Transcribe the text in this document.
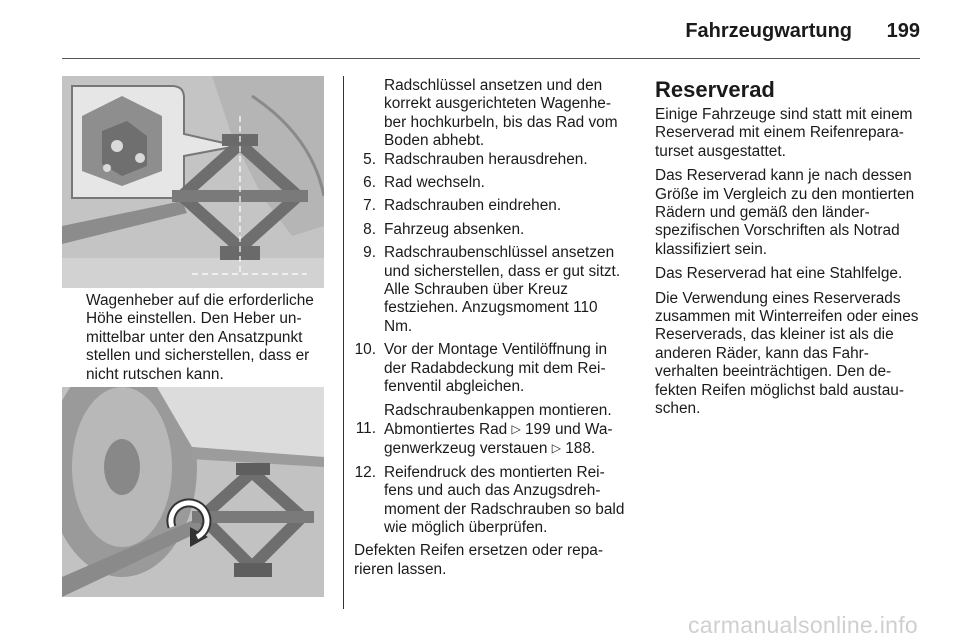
Fahrzeugwartung 199

Wagenheber auf die erforderliche Höhe einstellen. Den Heber unmittelbar unter den Ansatzpunkt stellen und sicherstellen, dass er nicht rutschen kann.

Radschlüssel ansetzen und den korrekt ausgerichteten Wagenheber hochkurbeln, bis das Rad vom Boden abhebt.

5. Radschrauben herausdrehen.
6. Rad wechseln.
7. Radschrauben eindrehen.
8. Fahrzeug absenken.
9. Radschraubenschlüssel ansetzen und sicherstellen, dass er gut sitzt. Alle Schrauben über Kreuz festziehen. Anzugsmoment 110 Nm.
10. Vor der Montage Ventilöffnung in der Radabdeckung mit dem Reifenventil abgleichen.

Radschraubenkappen montieren.

11. Abmontiertes Rad ▷ 199 und Wagenwerkzeug verstauen ▷ 188.
12. Reifendruck des montierten Reifens und auch das Anzugsdrehmoment der Radschrauben so bald wie möglich überprüfen.

Defekten Reifen ersetzen oder reparieren lassen.

Reserverad

Einige Fahrzeuge sind statt mit einem Reserverad mit einem Reifenreparaturset ausgestattet.

Das Reserverad kann je nach dessen Größe im Vergleich zu den montierten Rädern und gemäß den länderspezifischen Vorschriften als Notrad klassifiziert sein.

Das Reserverad hat eine Stahlfelge.

Die Verwendung eines Reserverads zusammen mit Winterreifen oder eines Reserverads, das kleiner ist als die anderen Räder, kann das Fahrverhalten beeinträchtigen. Den defekten Reifen möglichst bald austauschen.

carmanualsonline.info
